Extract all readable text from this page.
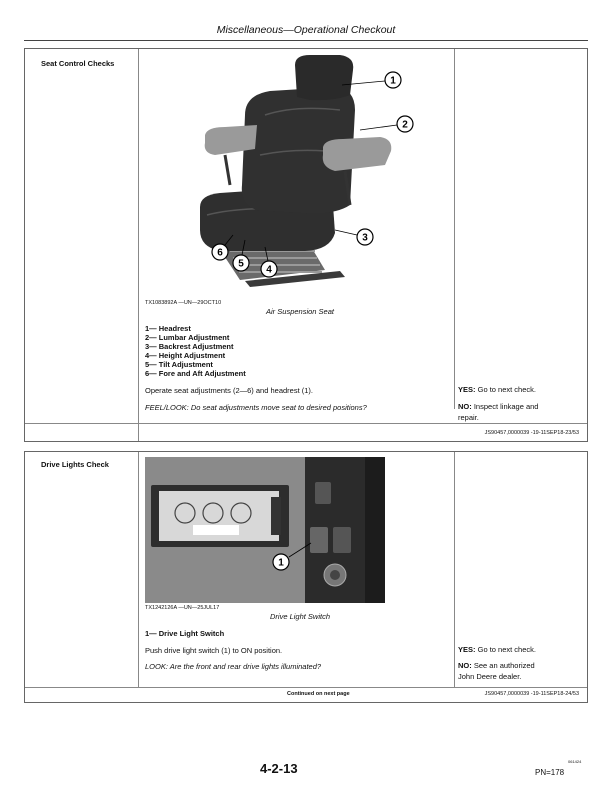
Miscellaneous—Operational Checkout
Seat Control Checks
1
2
3
4
5
6
TX1083892A —UN—29OCT10
Air Suspension Seat
1— Headrest
2— Lumbar Adjustment
3— Backrest Adjustment
4— Height Adjustment
5— Tilt Adjustment
6— Fore and Aft Adjustment
Operate seat adjustments (2—6) and headrest (1).
FEEL/LOOK: Do seat adjustments move seat to desired positions?
YES: Go to next check.
NO: Inspect linkage and
repair.
JS90457,0000039 -19-11SEP18-23/53
Drive Lights Check
1
TX1242126A —UN—25JUL17
Drive Light Switch
1— Drive Light Switch
Push drive light switch (1) to ON position.
LOOK: Are the front and rear drive lights illuminated?
YES: Go to next check.
NO: See an authorized
John Deere dealer.
Continued on next page	JS90457,0000039 -19-11SEP18-24/53
4-2-13	061424
PN=178
